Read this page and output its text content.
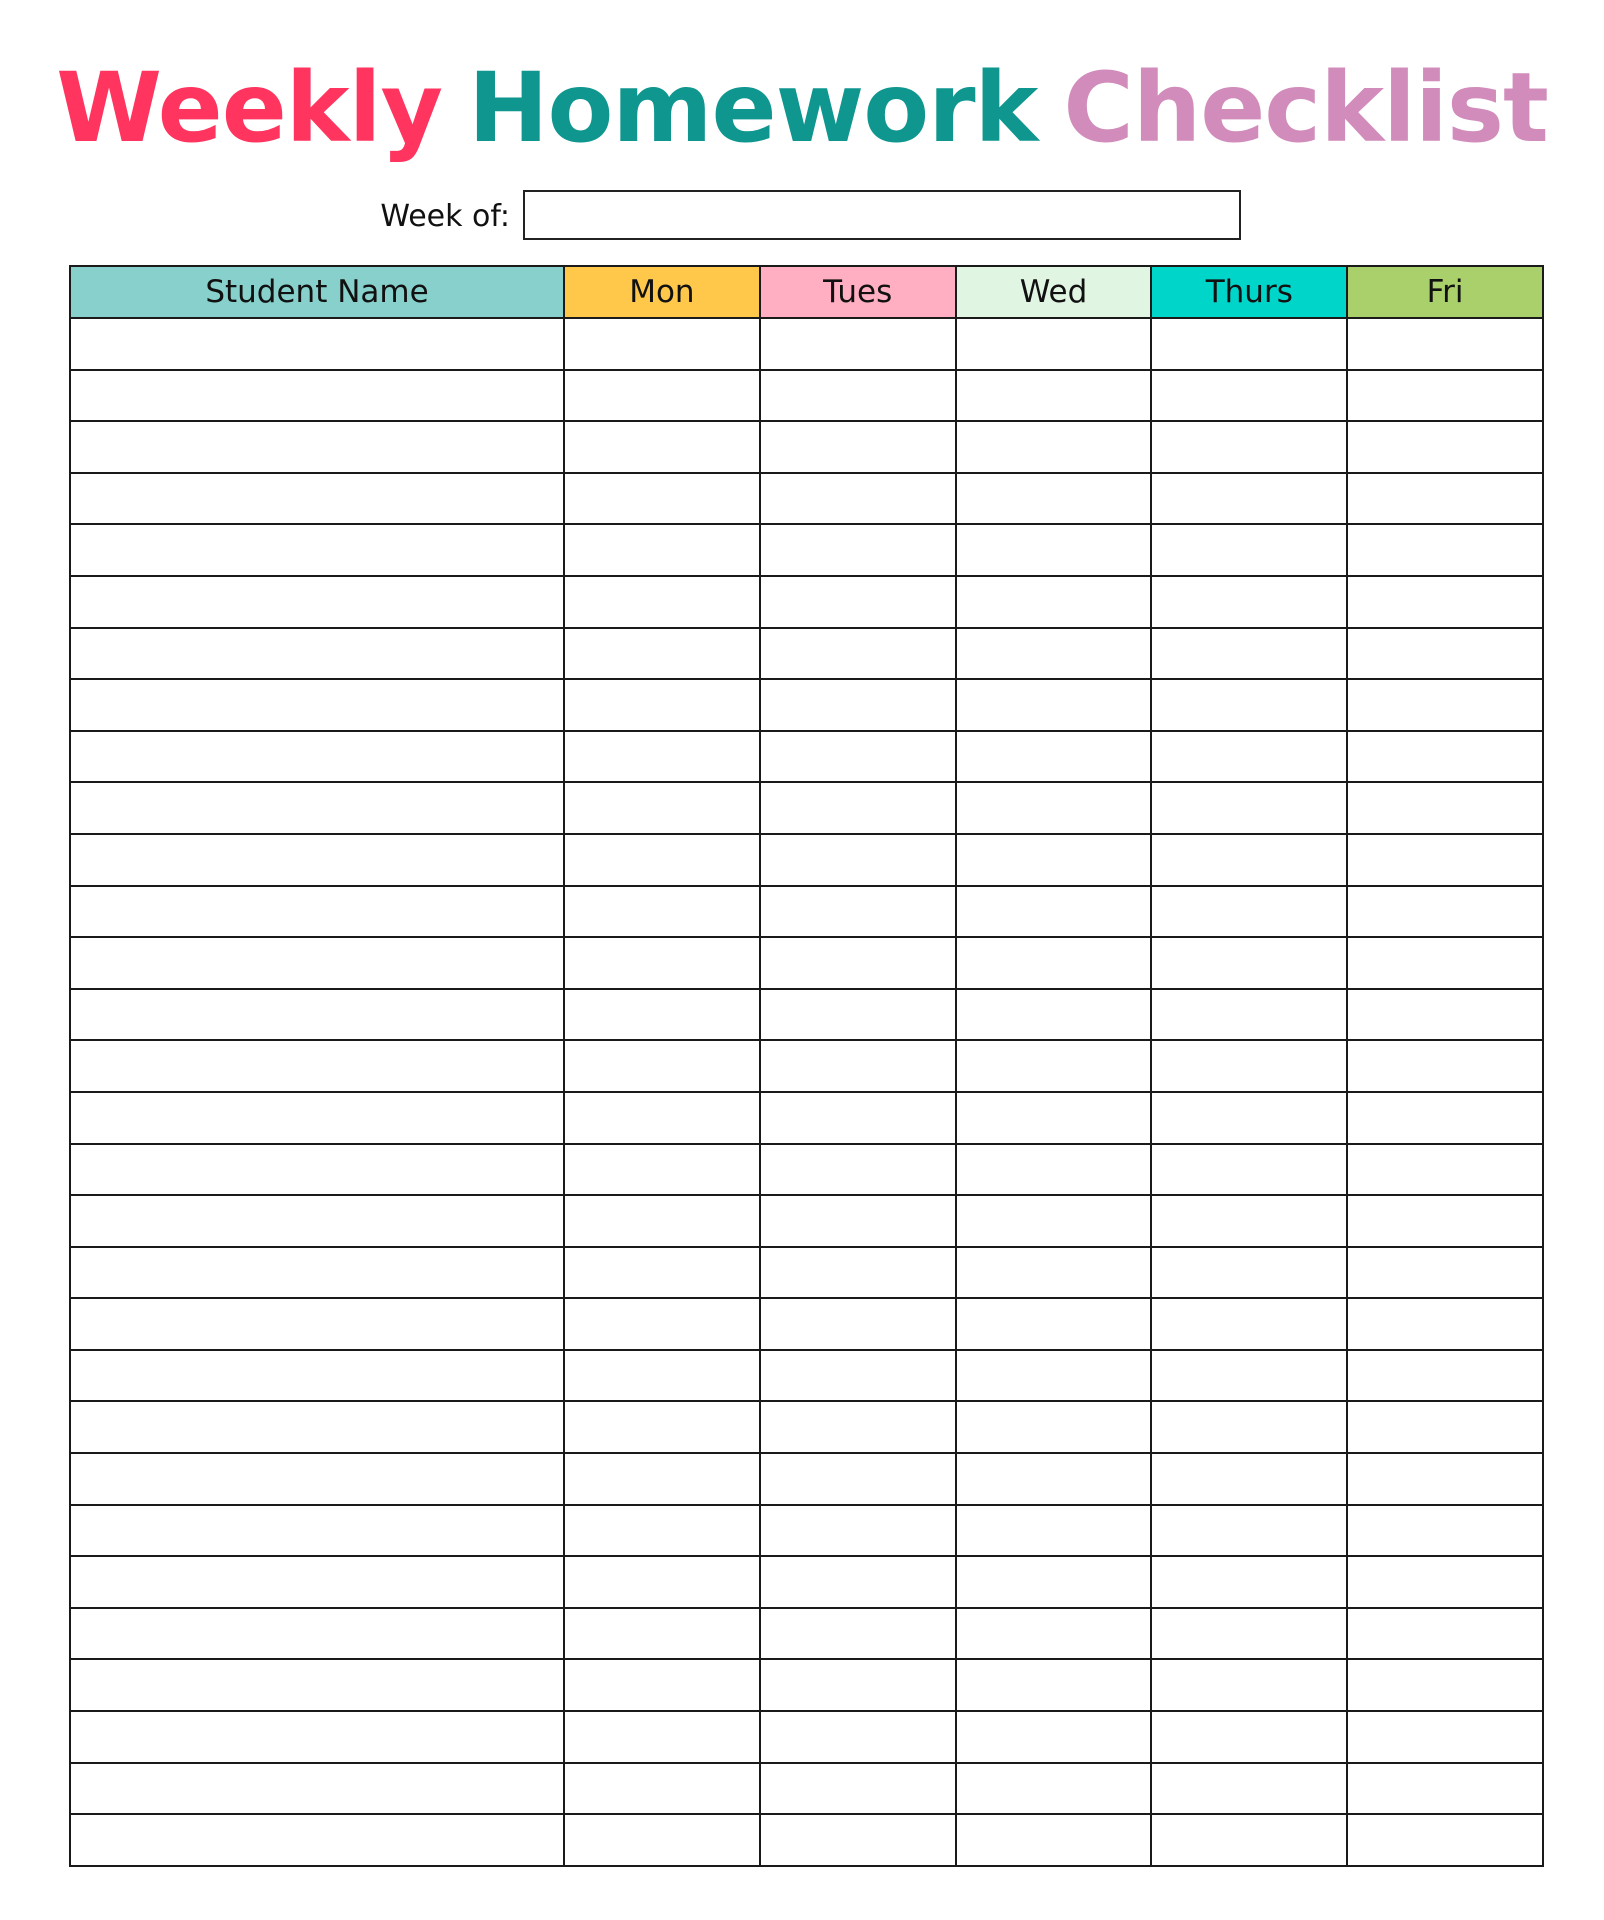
Weekly Homework Checklist
Week of:
Student Name	Mon	Tues	Wed	Thurs	Fri
